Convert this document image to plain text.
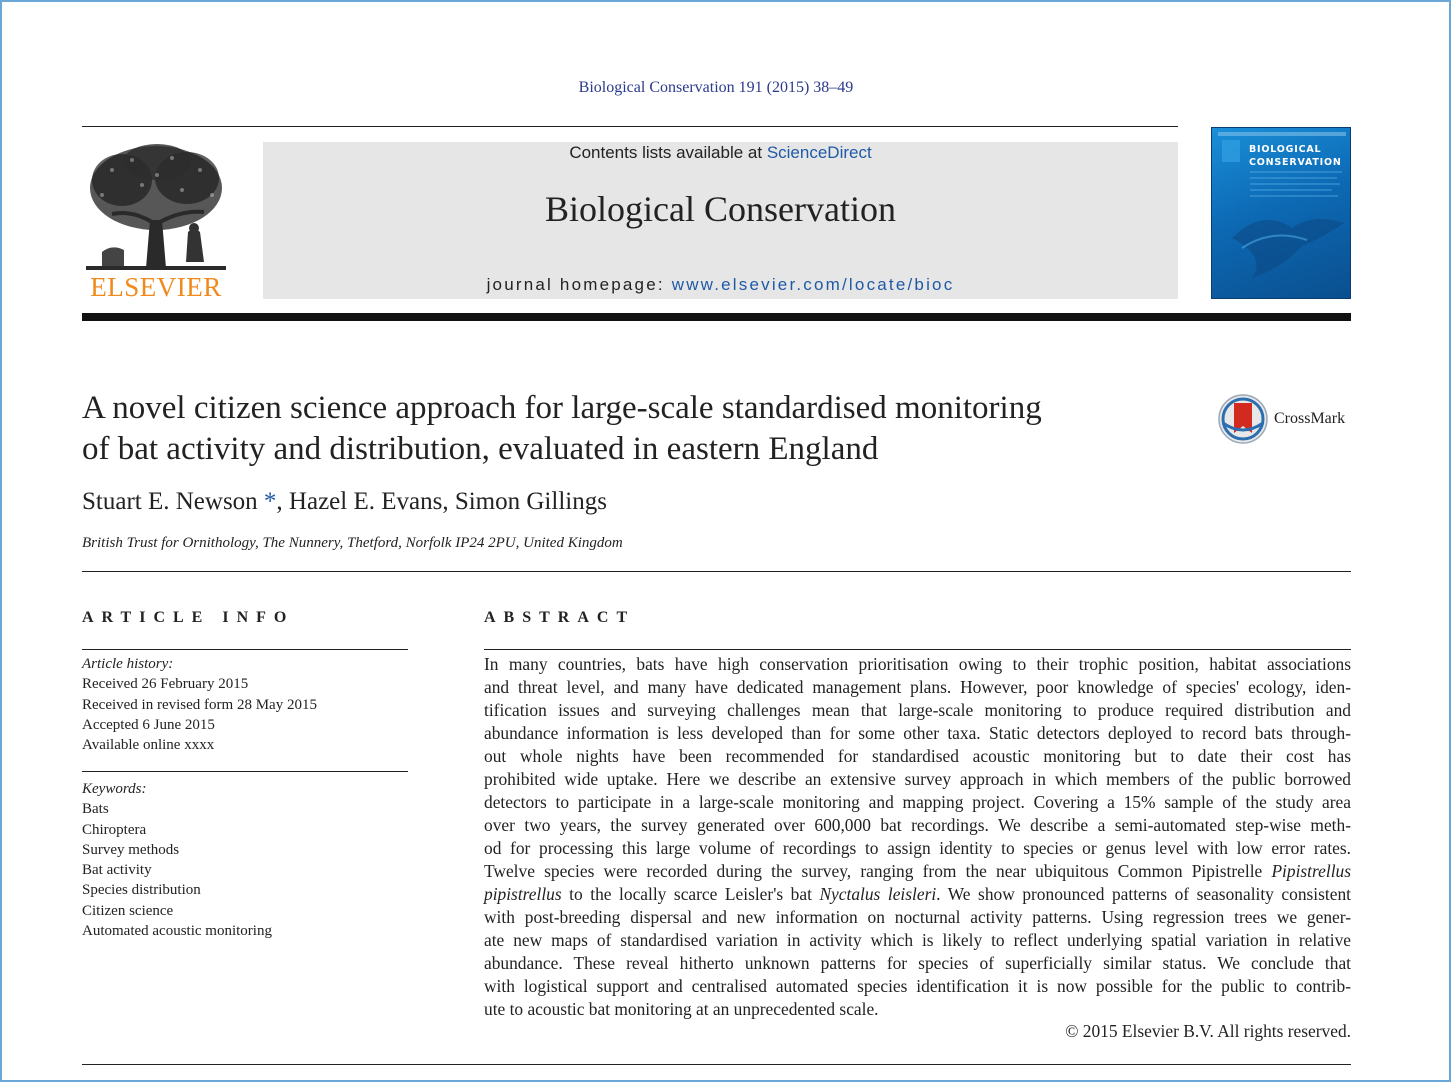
Biological Conservation 191 (2015) 38–49
ELSEVIER
Contents lists available at ScienceDirect
Biological Conservation
journal homepage: www.elsevier.com/locate/bioc
BIOLOGICAL
CONSERVATION
A novel citizen science approach for large-scale standardised monitoring
of bat activity and distribution, evaluated in eastern England
CrossMark
Stuart E. Newson *, Hazel E. Evans, Simon Gillings
British Trust for Ornithology, The Nunnery, Thetford, Norfolk IP24 2PU, United Kingdom
ARTICLE INFO	ABSTRACT
Article history:
Received 26 February 2015
Received in revised form 28 May 2015
Accepted 6 June 2015
Available online xxxx
Keywords:
Bats
Chiroptera
Survey methods
Bat activity
Species distribution
Citizen science
Automated acoustic monitoring
In many countries, bats have high conservation prioritisation owing to their trophic position, habitat associations
and threat level, and many have dedicated management plans. However, poor knowledge of species' ecology, iden-
tification issues and surveying challenges mean that large-scale monitoring to produce required distribution and
abundance information is less developed than for some other taxa. Static detectors deployed to record bats through-
out whole nights have been recommended for standardised acoustic monitoring but to date their cost has
prohibited wide uptake. Here we describe an extensive survey approach in which members of the public borrowed
detectors to participate in a large-scale monitoring and mapping project. Covering a 15% sample of the study area
over two years, the survey generated over 600,000 bat recordings. We describe a semi-automated step-wise meth-
od for processing this large volume of recordings to assign identity to species or genus level with low error rates.
Twelve species were recorded during the survey, ranging from the near ubiquitous Common Pipistrelle Pipistrellus
pipistrellus to the locally scarce Leisler's bat Nyctalus leisleri. We show pronounced patterns of seasonality consistent
with post-breeding dispersal and new information on nocturnal activity patterns. Using regression trees we gener-
ate new maps of standardised variation in activity which is likely to reflect underlying spatial variation in relative
abundance. These reveal hitherto unknown patterns for species of superficially similar status. We conclude that
with logistical support and centralised automated species identification it is now possible for the public to contrib-
ute to acoustic bat monitoring at an unprecedented scale.
© 2015 Elsevier B.V. All rights reserved.
